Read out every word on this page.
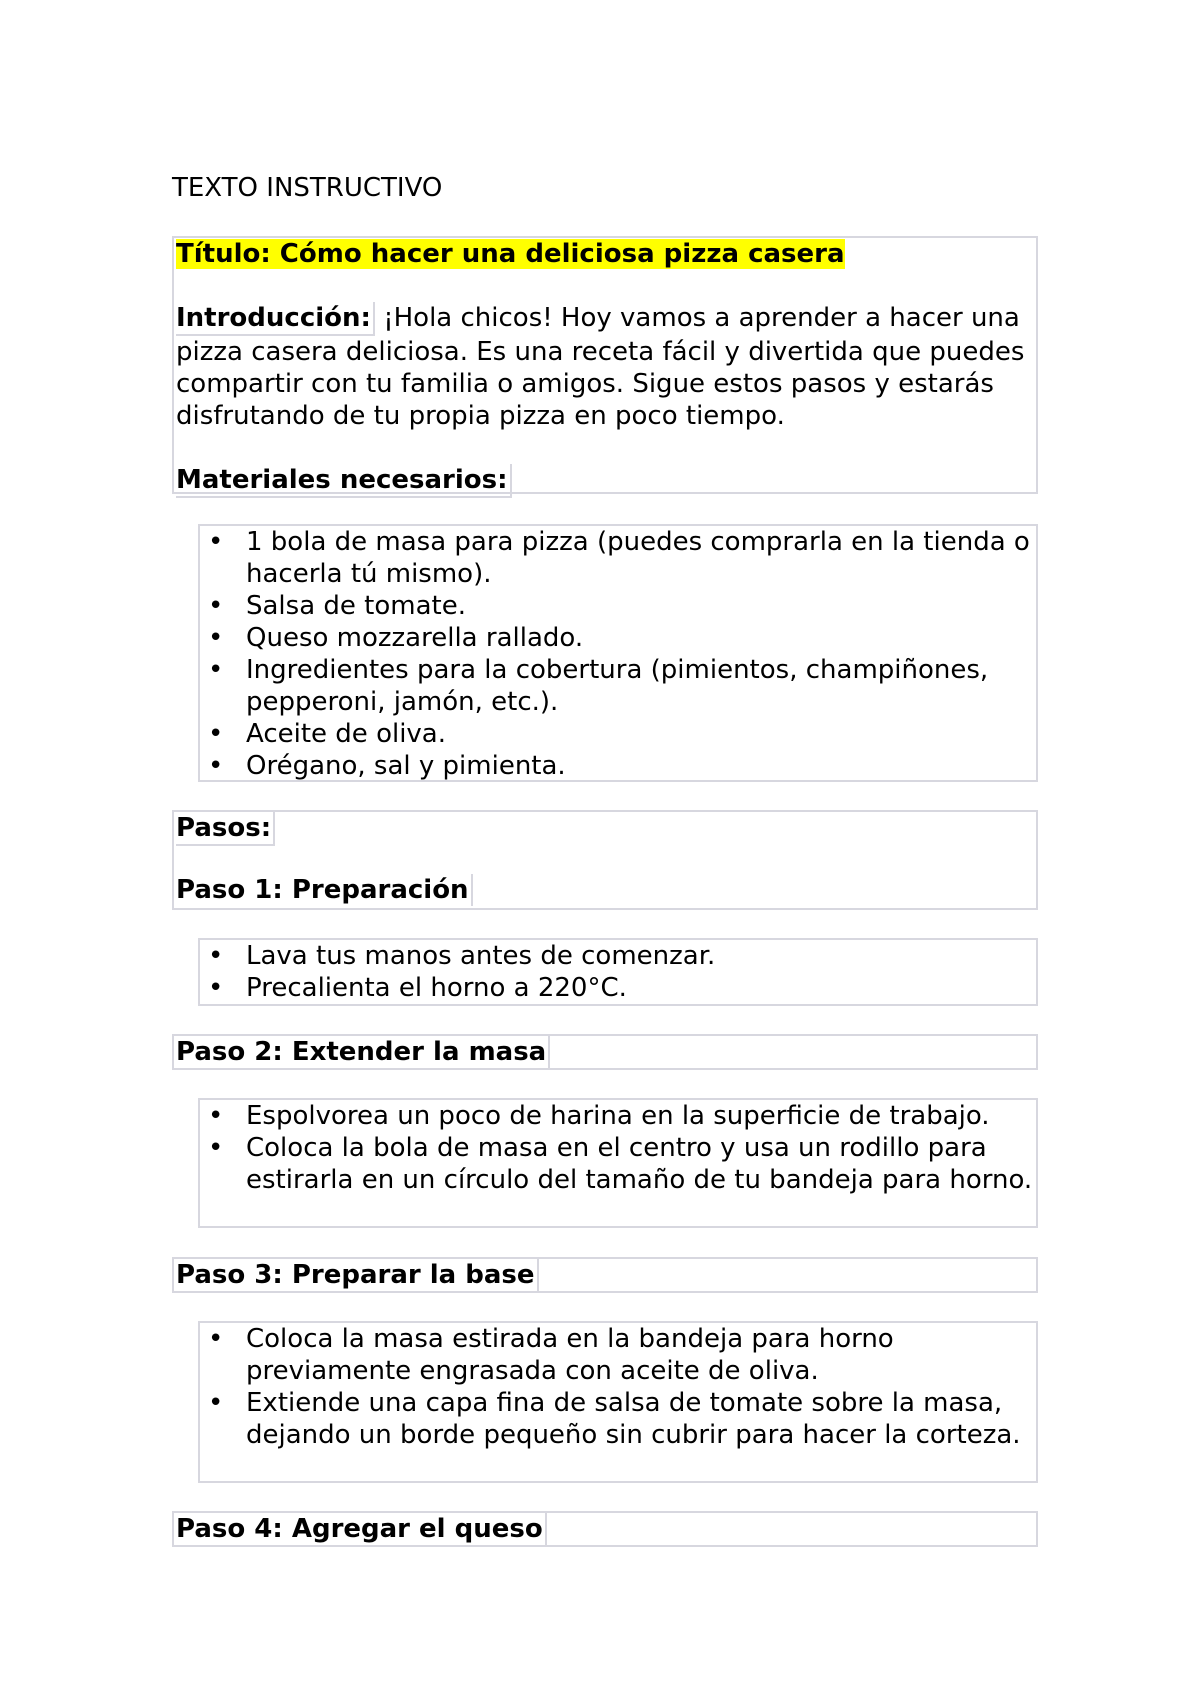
TEXTO INSTRUCTIVO

Título: Cómo hacer una deliciosa pizza casera

Introducción: ¡Hola chicos! Hoy vamos a aprender a hacer una pizza casera deliciosa. Es una receta fácil y divertida que puedes compartir con tu familia o amigos. Sigue estos pasos y estarás disfrutando de tu propia pizza en poco tiempo.

Materiales necesarios:

• 1 bola de masa para pizza (puedes comprarla en la tienda o hacerla tú mismo).
• Salsa de tomate.
• Queso mozzarella rallado.
• Ingredientes para la cobertura (pimientos, champiñones, pepperoni, jamón, etc.).
• Aceite de oliva.
• Orégano, sal y pimienta.

Pasos:

Paso 1: Preparación

• Lava tus manos antes de comenzar.
• Precalienta el horno a 220°C.

Paso 2: Extender la masa

• Espolvorea un poco de harina en la superficie de trabajo.
• Coloca la bola de masa en el centro y usa un rodillo para estirarla en un círculo del tamaño de tu bandeja para horno.

Paso 3: Preparar la base

• Coloca la masa estirada en la bandeja para horno previamente engrasada con aceite de oliva.
• Extiende una capa fina de salsa de tomate sobre la masa, dejando un borde pequeño sin cubrir para hacer la corteza.

Paso 4: Agregar el queso
